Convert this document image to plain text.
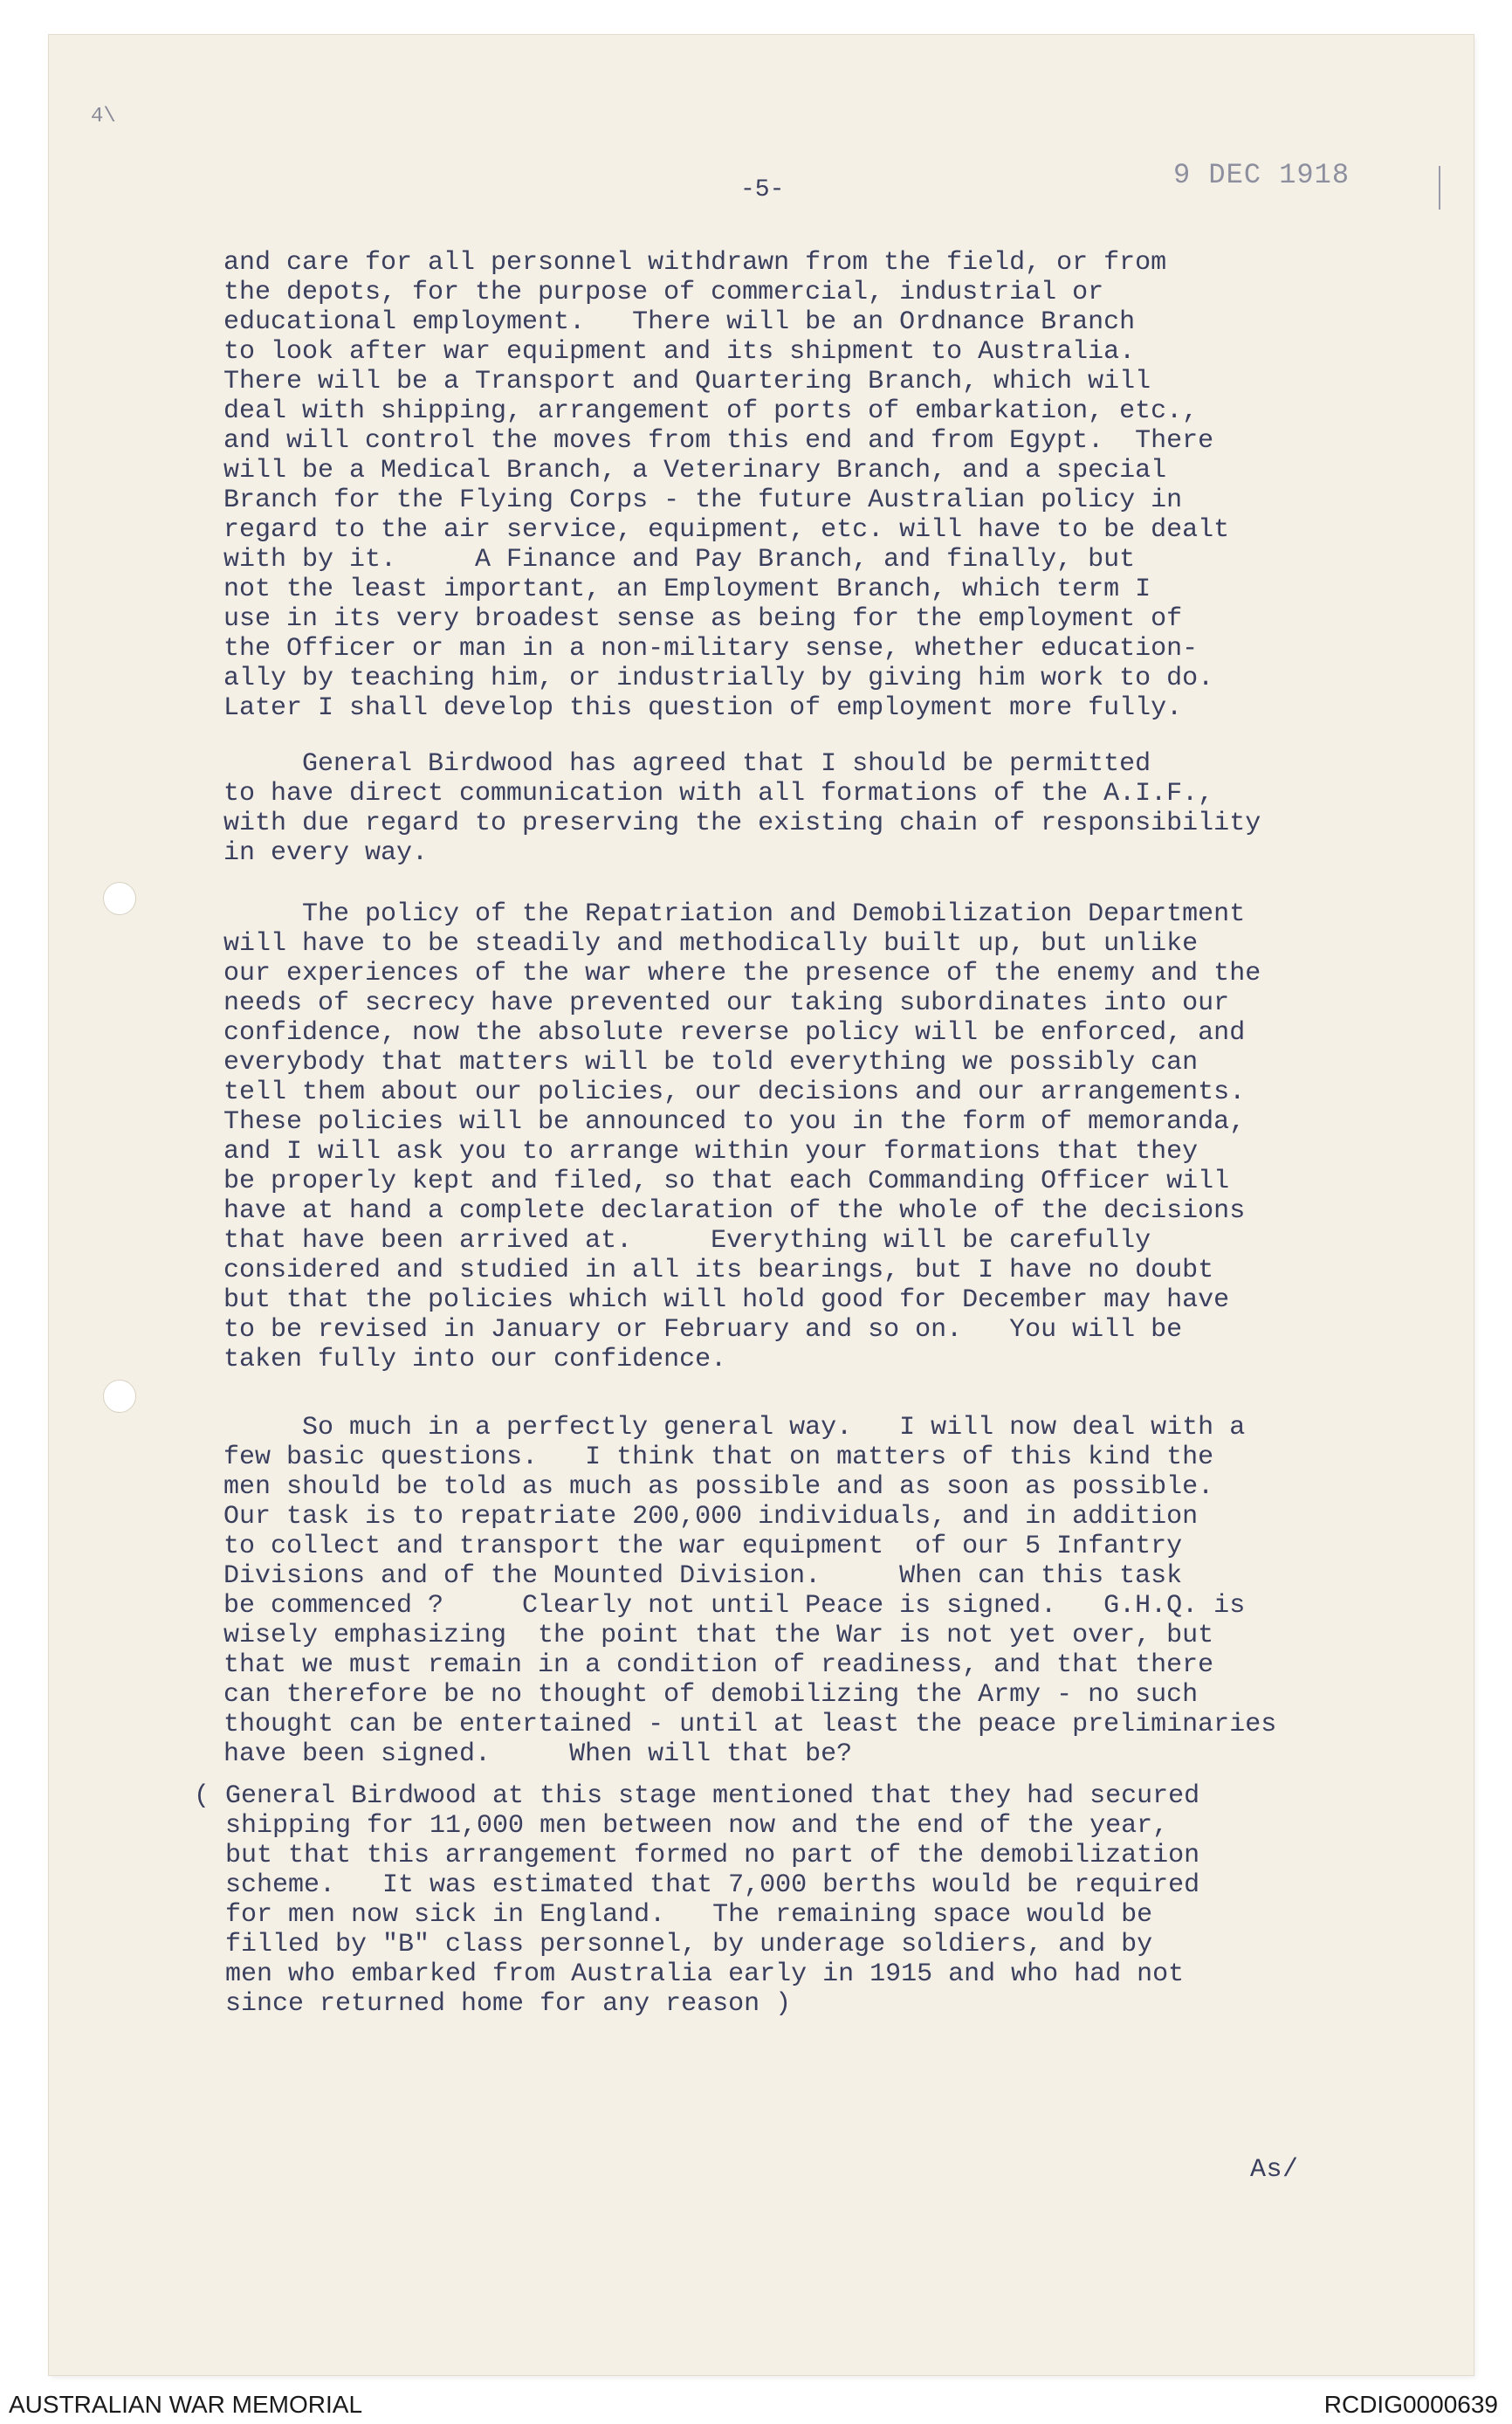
4\
9 DEC 1918
-5-
and care for all personnel withdrawn from the field, or from
the depots, for the purpose of commercial, industrial or
educational employment.   There will be an Ordnance Branch
to look after war equipment and its shipment to Australia.
There will be a Transport and Quartering Branch, which will
deal with shipping, arrangement of ports of embarkation, etc.,
and will control the moves from this end and from Egypt.  There
will be a Medical Branch, a Veterinary Branch, and a special
Branch for the Flying Corps - the future Australian policy in
regard to the air service, equipment, etc. will have to be dealt
with by it.     A Finance and Pay Branch, and finally, but
not the least important, an Employment Branch, which term I
use in its very broadest sense as being for the employment of
the Officer or man in a non-military sense, whether education-
ally by teaching him, or industrially by giving him work to do.
Later I shall develop this question of employment more fully.
General Birdwood has agreed that I should be permitted
to have direct communication with all formations of the A.I.F.,
with due regard to preserving the existing chain of responsibility
in every way.
The policy of the Repatriation and Demobilization Department
will have to be steadily and methodically built up, but unlike
our experiences of the war where the presence of the enemy and the
needs of secrecy have prevented our taking subordinates into our
confidence, now the absolute reverse policy will be enforced, and
everybody that matters will be told everything we possibly can
tell them about our policies, our decisions and our arrangements.
These policies will be announced to you in the form of memoranda,
and I will ask you to arrange within your formations that they
be properly kept and filed, so that each Commanding Officer will
have at hand a complete declaration of the whole of the decisions
that have been arrived at.     Everything will be carefully
considered and studied in all its bearings, but I have no doubt
but that the policies which will hold good for December may have
to be revised in January or February and so on.   You will be
taken fully into our confidence.
So much in a perfectly general way.   I will now deal with a
few basic questions.   I think that on matters of this kind the
men should be told as much as possible and as soon as possible.
Our task is to repatriate 200,000 individuals, and in addition
to collect and transport the war equipment  of our 5 Infantry
Divisions and of the Mounted Division.     When can this task
be commenced ?     Clearly not until Peace is signed.   G.H.Q. is
wisely emphasizing  the point that the War is not yet over, but
that we must remain in a condition of readiness, and that there
can therefore be no thought of demobilizing the Army - no such
thought can be entertained - until at least the peace preliminaries
have been signed.     When will that be?
( General Birdwood at this stage mentioned that they had secured
shipping for 11,000 men between now and the end of the year,
but that this arrangement formed no part of the demobilization
scheme.   It was estimated that 7,000 berths would be required
for men now sick in England.   The remaining space would be
filled by "B" class personnel, by underage soldiers, and by
men who embarked from Australia early in 1915 and who had not
since returned home for any reason )
As/
AUSTRALIAN WAR MEMORIAL	RCDIG0000639
